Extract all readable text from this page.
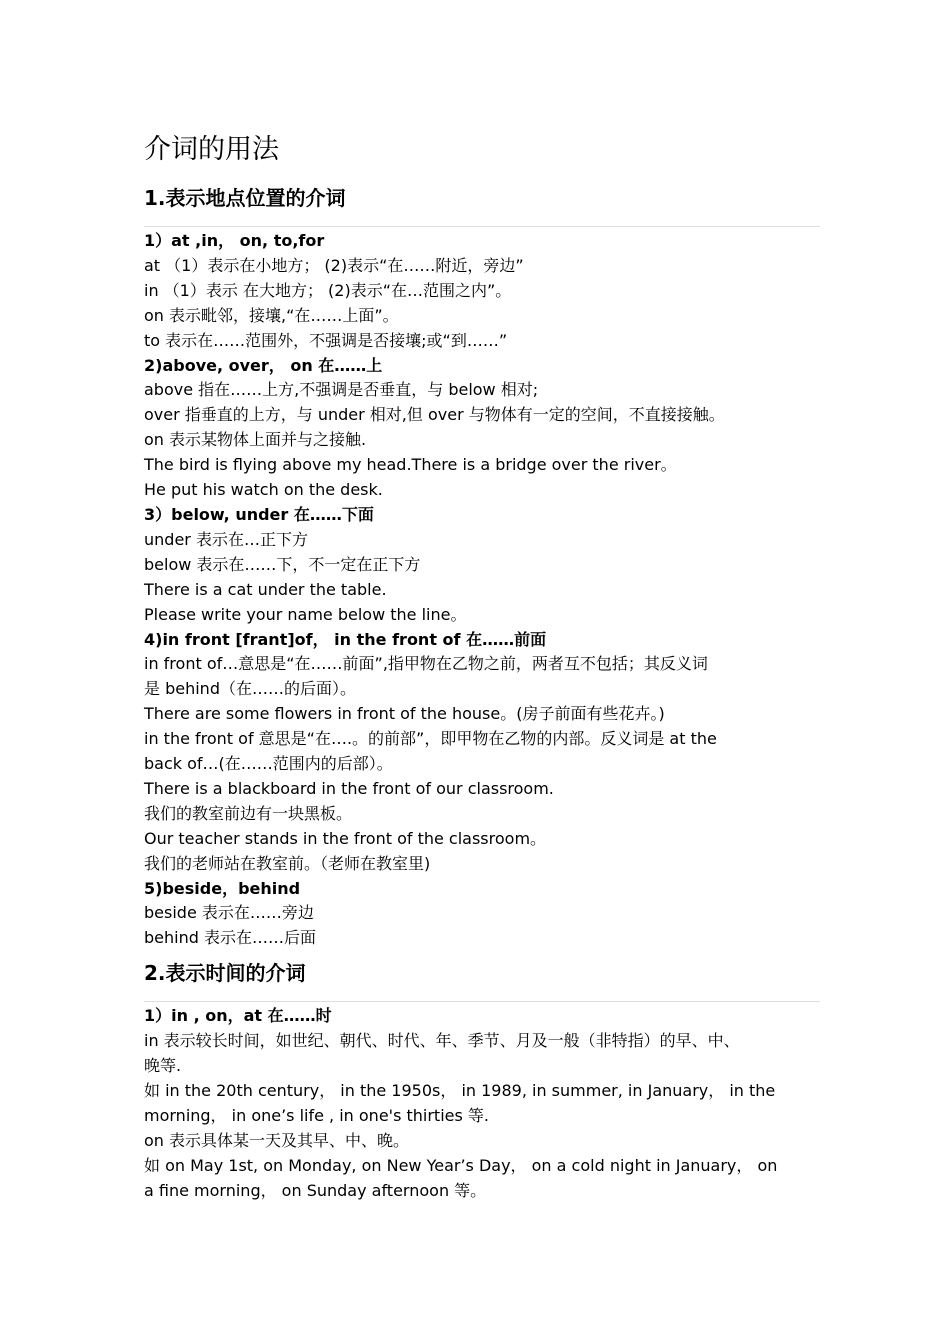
介词的用法
1.表示地点位置的介词
1）at ,in， on, to,for
at （1）表示在小地方； (2)表示“在……附近，旁边”
in （1）表示 在大地方； (2)表示“在…范围之内”。
on 表示毗邻，接壤,“在……上面”。
to 表示在……范围外，不强调是否接壤;或“到……”
2)above, over， on 在……上
above 指在……上方,不强调是否垂直，与 below 相对;
over 指垂直的上方，与 under 相对,但 over 与物体有一定的空间，不直接接触。
on 表示某物体上面并与之接触.
The bird is flying above my head.There is a bridge over the river。
He put his watch on the desk.
3）below, under 在……下面
under 表示在…正下方
below 表示在……下，不一定在正下方
There is a cat under the table.
Please write your name below the line。
4)in front [frant]of， in the front of 在……前面
in front of…意思是“在……前面”,指甲物在乙物之前，两者互不包括；其反义词
是 behind（在……的后面）。
There are some flowers in front of the house。(房子前面有些花卉。)
in the front of 意思是“在….。的前部”，即甲物在乙物的内部。反义词是 at the
back of…(在……范围内的后部）。
There is a blackboard in the front of our classroom.
我们的教室前边有一块黑板。
Our teacher stands in the front of the classroom。
我们的老师站在教室前。（老师在教室里)
5)beside，behind
beside 表示在……旁边
behind 表示在……后面
2.表示时间的介词
1）in , on，at 在……时
in 表示较长时间，如世纪、朝代、时代、年、季节、月及一般（非特指）的早、中、
晚等.
如 in the 20th century， in the 1950s， in 1989, in summer, in January， in the
morning， in one’s life , in one's thirties 等.
on 表示具体某一天及其早、中、晚。
如 on May 1st, on Monday, on New Year’s Day， on a cold night in January， on
a fine morning， on Sunday afternoon 等。
